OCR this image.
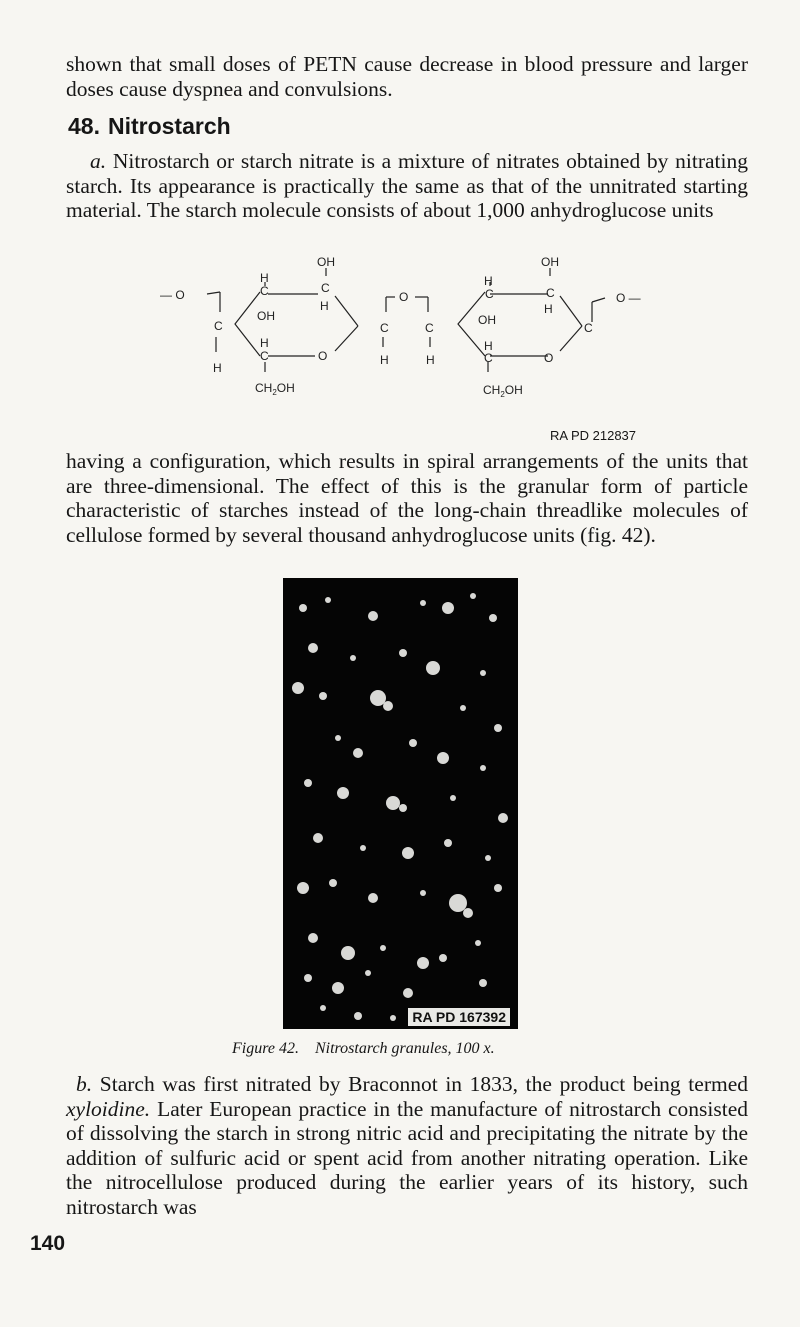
shown that small doses of PETN cause decrease in blood pressure and larger doses cause dyspnea and convulsions.

48. Nitrostarch

a. Nitrostarch or starch nitrate is a mixture of nitrates obtained by nitrating starch. Its appearance is practically the same as that of the unnitrated starting material. The starch molecule consists of about 1,000 anhydroglucose units

— O
C
H
H
C
OH
OH
C
H
H
C	O
$CH_2OH$
O
C	C
H	H
H
C
OH
OH
C
H
C
H
C	O
$CH_2OH$
O —
RA PD 212837

having a configuration, which results in spiral arrangements of the units that are three-dimensional. The effect of this is the granular form of particle characteristic of starches instead of the long-chain threadlike molecules of cellulose formed by several thousand anhydroglucose units (fig. 42).

RA PD 167392
Figure 42. Nitrostarch granules, 100 x.

b. Starch was first nitrated by Braconnot in 1833, the product being termed xyloidine. Later European practice in the manufacture of nitrostarch consisted of dissolving the starch in strong nitric acid and precipitating the nitrate by the addition of sulfuric acid or spent acid from another nitrating operation. Like the nitrocellulose produced during the earlier years of its history, such nitrostarch was

140
